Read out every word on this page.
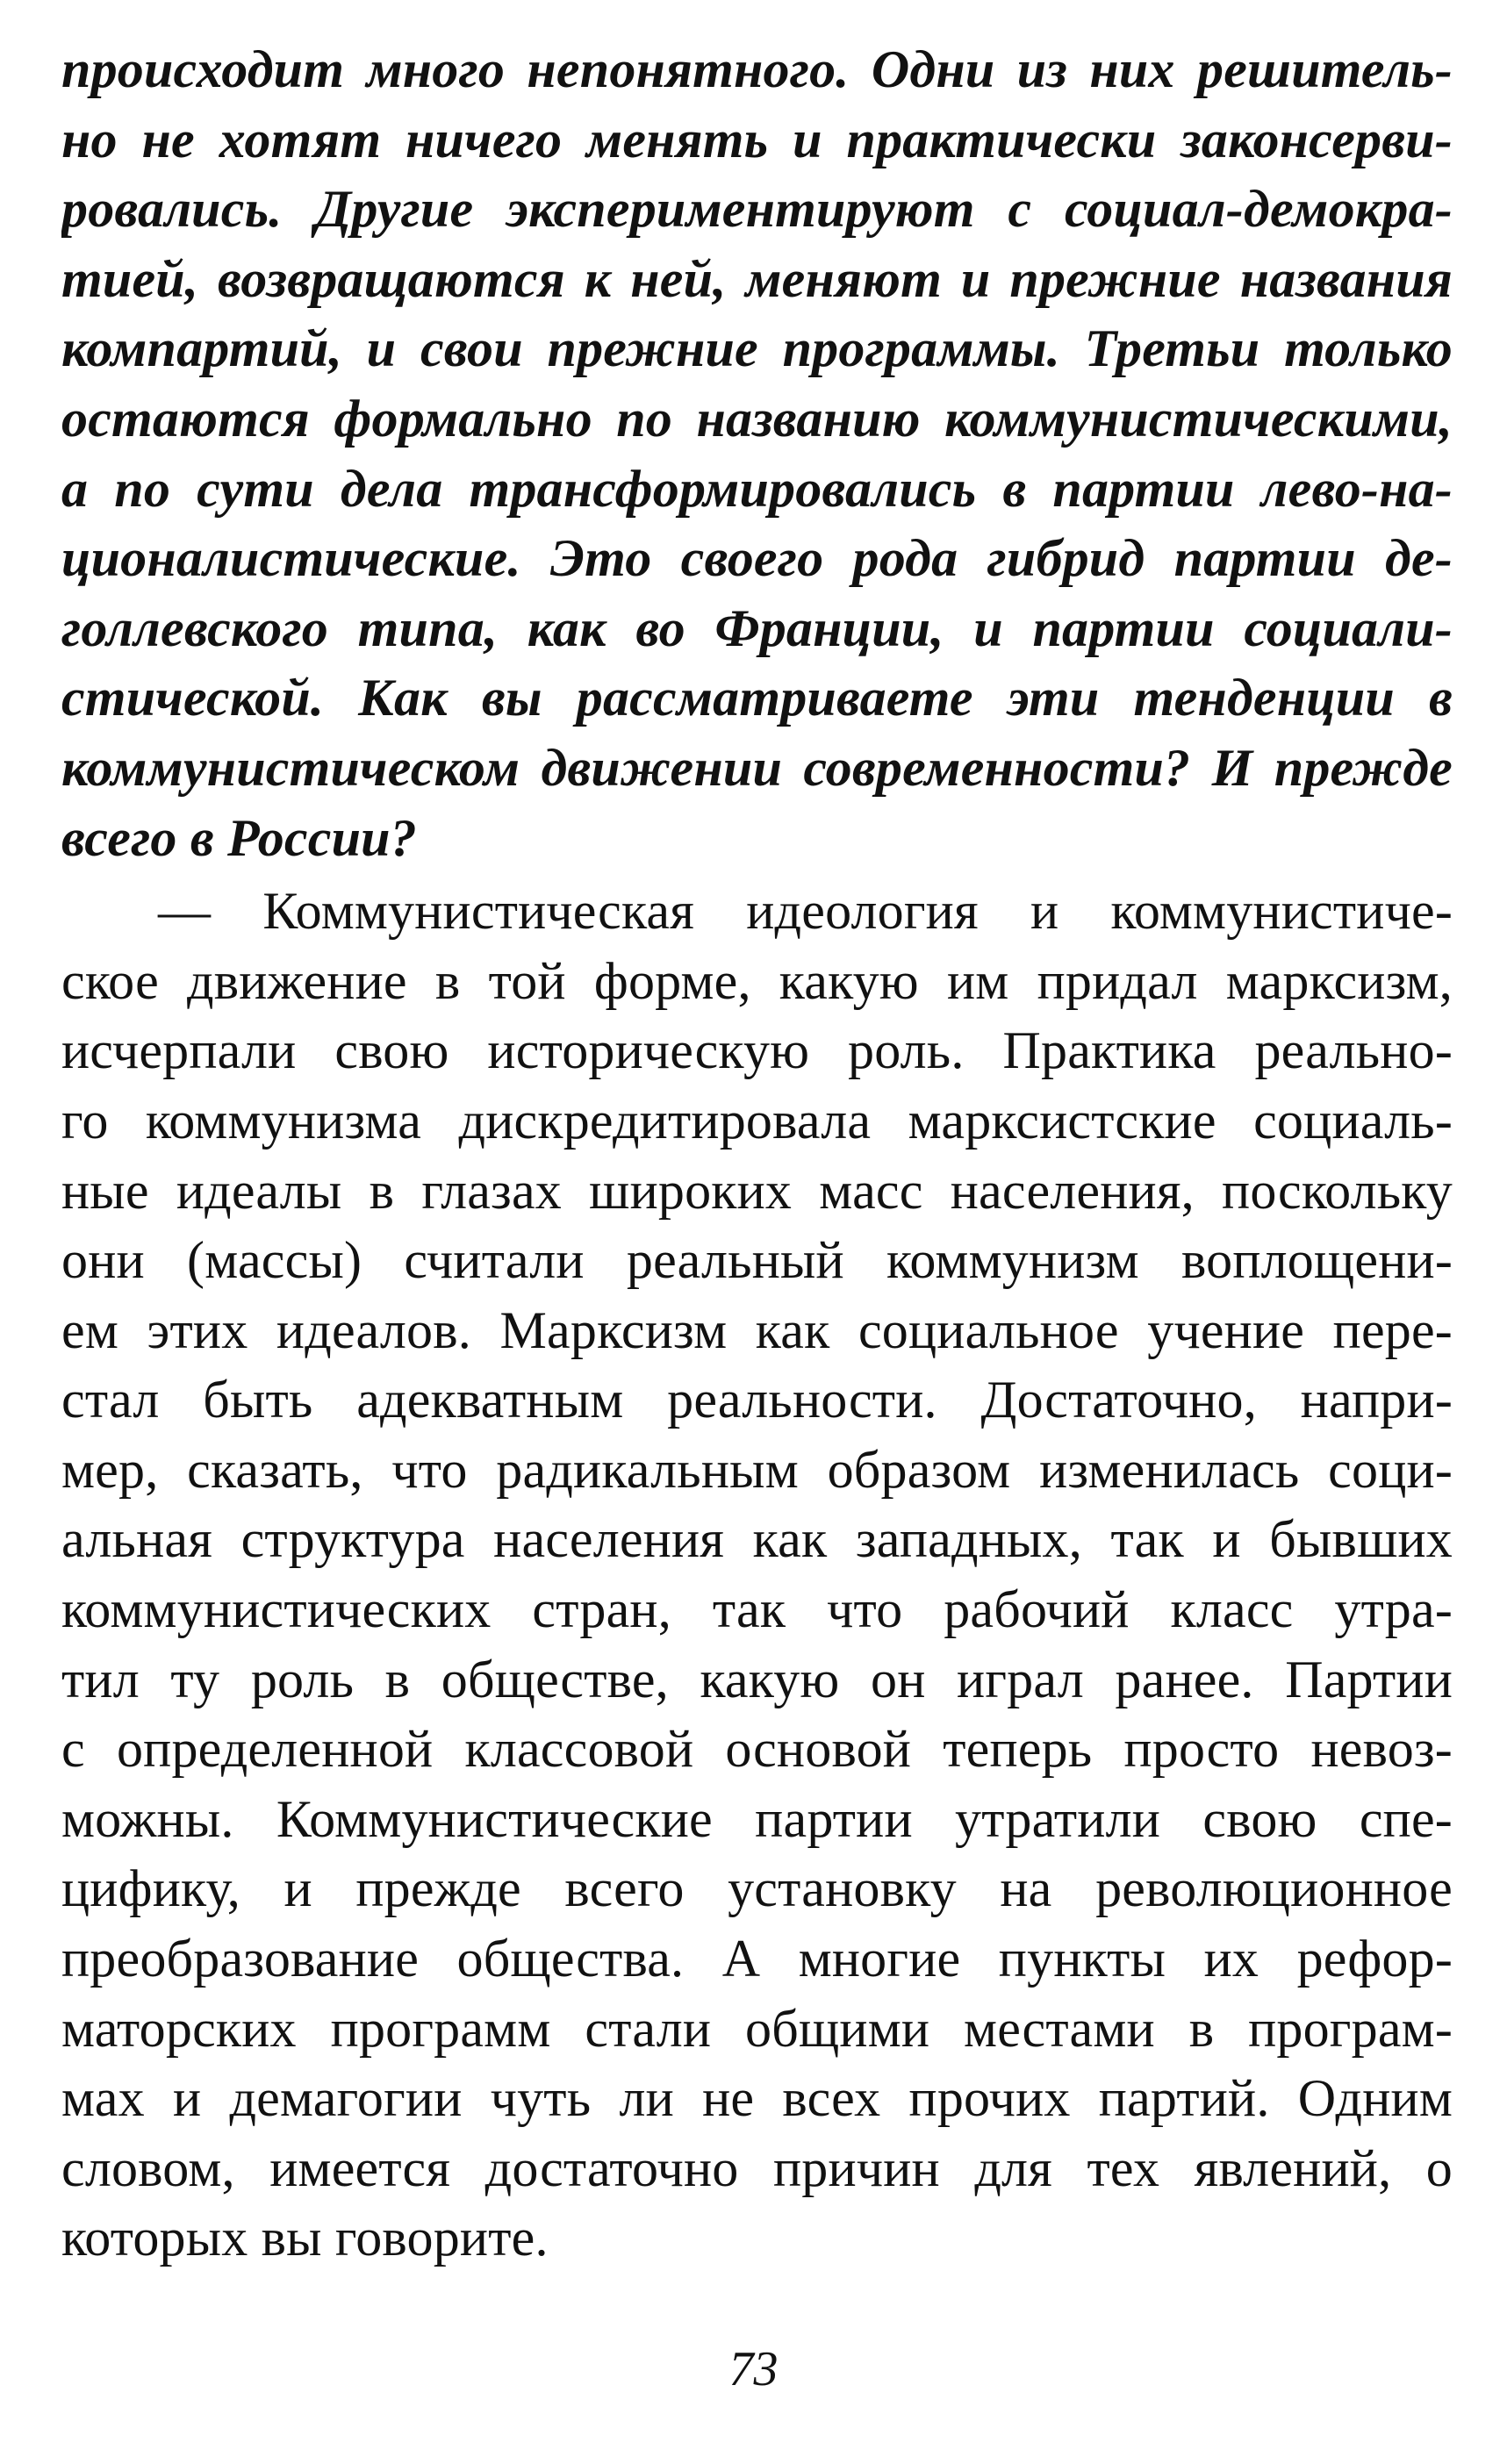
происходит много непонятного. Одни из них решитель-
но не хотят ничего менять и практически законсерви-
ровались. Другие экспериментируют с социал-демокра-
тией, возвращаются к ней, меняют и прежние названия
компартий, и свои прежние программы. Третьи только
остаются формально по названию коммунистическими,
а по сути дела трансформировались в партии лево-на-
ционалистические. Это своего рода гибрид партии де-
голлевского типа, как во Франции, и партии социали-
стической. Как вы рассматриваете эти тенденции в
коммунистическом движении современности? И прежде
всего в России?
— Коммунистическая идеология и коммунистиче-
ское движение в той форме, какую им придал марксизм,
исчерпали свою историческую роль. Практика реально-
го коммунизма дискредитировала марксистские социаль-
ные идеалы в глазах широких масс населения, поскольку
они (массы) считали реальный коммунизм воплощени-
ем этих идеалов. Марксизм как социальное учение пере-
стал быть адекватным реальности. Достаточно, напри-
мер, сказать, что радикальным образом изменилась соци-
альная структура населения как западных, так и бывших
коммунистических стран, так что рабочий класс утра-
тил ту роль в обществе, какую он играл ранее. Партии
с определенной классовой основой теперь просто невоз-
можны. Коммунистические партии утратили свою спе-
цифику, и прежде всего установку на революционное
преобразование общества. А многие пункты их рефор-
маторских программ стали общими местами в програм-
мах и демагогии чуть ли не всех прочих партий. Одним
словом, имеется достаточно причин для тех явлений, о
которых вы говорите.
73
